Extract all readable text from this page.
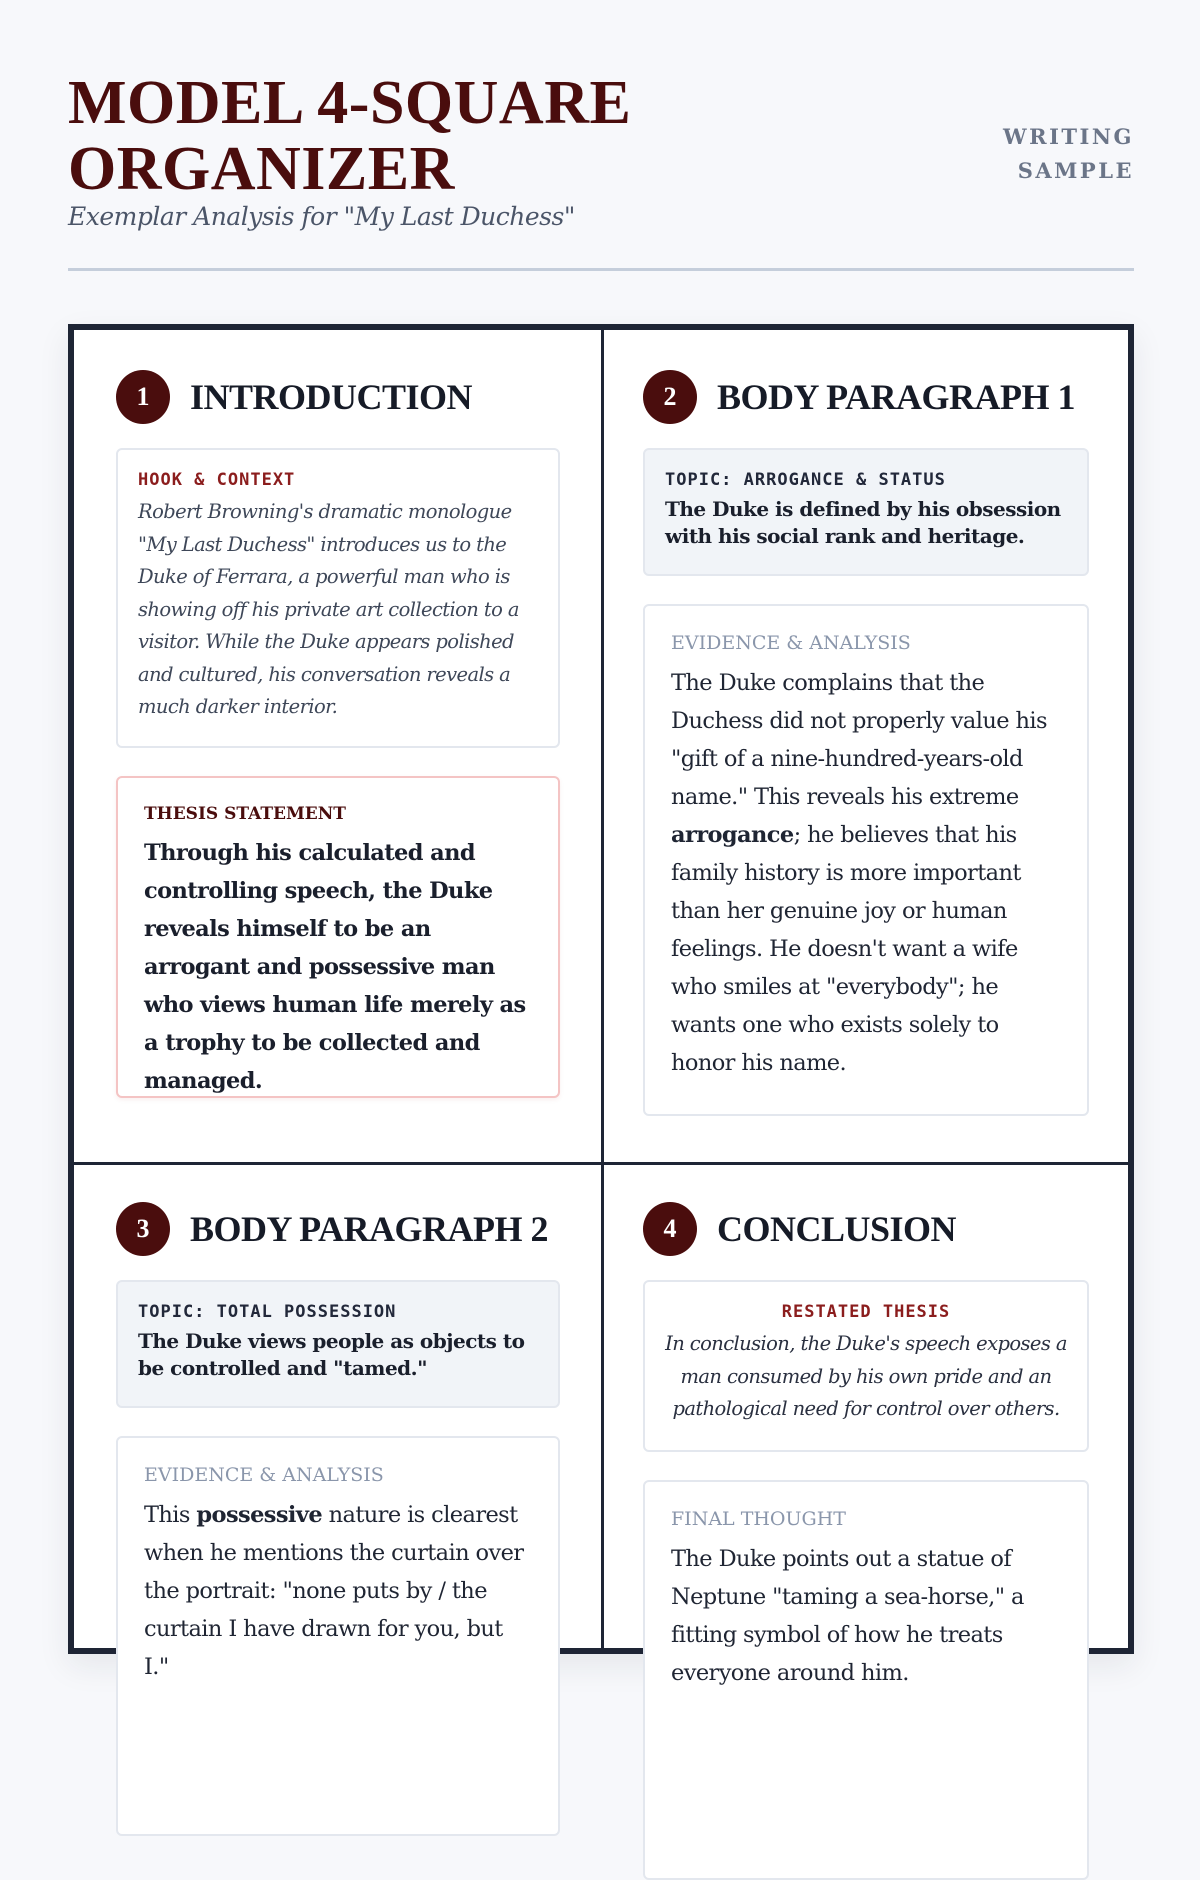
MODEL 4-SQUARE
ORGANIZER
Exemplar Analysis for "My Last Duchess"
WRITING
SAMPLE
1	INTRODUCTION
HOOK & CONTEXT
Robert Browning's dramatic monologue "My Last Duchess" introduces us to the Duke of Ferrara, a powerful man who is showing off his private art collection to a visitor. While the Duke appears polished and cultured, his conversation reveals a much darker interior.
THESIS STATEMENT
Through his calculated and controlling speech, the Duke reveals himself to be an arrogant and possessive man who views human life merely as a trophy to be collected and managed.
2	BODY PARAGRAPH 1
TOPIC: ARROGANCE & STATUS
The Duke is defined by his obsession with his social rank and heritage.
EVIDENCE & ANALYSIS
The Duke complains that the Duchess did not properly value his "gift of a nine-hundred-years-old name." This reveals his extreme arrogance; he believes that his family history is more important than her genuine joy or human feelings. He doesn't want a wife who smiles at "everybody"; he wants one who exists solely to honor his name.
3	BODY PARAGRAPH 2
TOPIC: TOTAL POSSESSION
The Duke views people as objects to be controlled and "tamed."
EVIDENCE & ANALYSIS
This possessive nature is clearest when he mentions the curtain over the portrait: "none puts by / the curtain I have drawn for you, but I."
4	CONCLUSION
RESTATED THESIS
In conclusion, the Duke's speech exposes a man consumed by his own pride and an pathological need for control over others.
FINAL THOUGHT
The Duke points out a statue of Neptune "taming a sea-horse," a fitting symbol of how he treats everyone around him.
